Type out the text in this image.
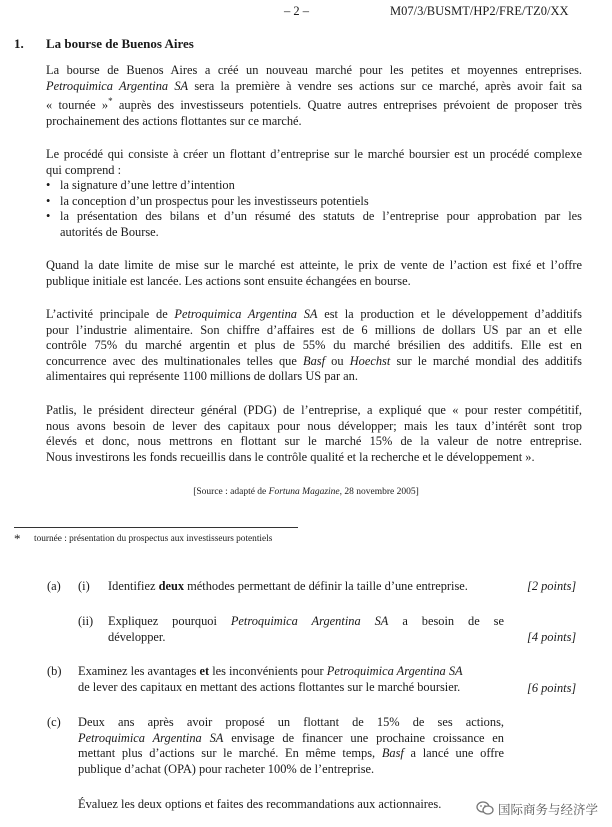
– 2 –	M07/3/BUSMT/HP2/FRE/TZ0/XX
1. La bourse de Buenos Aires
La bourse de Buenos Aires a créé un nouveau marché pour les petites et moyennes entreprises.
Petroquimica Argentina SA sera la première à vendre ses actions sur ce marché, après avoir fait sa
« tournée »* auprès des investisseurs potentiels. Quatre autres entreprises prévoient de proposer très
prochainement des actions flottantes sur ce marché.
Le procédé qui consiste à créer un flottant d’entreprise sur le marché boursier est un procédé complexe
qui comprend :
• la signature d’une lettre d’intention
• la conception d’un prospectus pour les investisseurs potentiels
• la présentation des bilans et d’un résumé des statuts de l’entreprise pour approbation par les
autorités de Bourse.
Quand la date limite de mise sur le marché est atteinte, le prix de vente de l’action est fixé et l’offre
publique initiale est lancée. Les actions sont ensuite échangées en bourse.
L’activité principale de Petroquimica Argentina SA est la production et le développement d’additifs
pour l’industrie alimentaire. Son chiffre d’affaires est de 6 millions de dollars US par an et elle
contrôle 75% du marché argentin et plus de 55% du marché brésilien des additifs. Elle est en
concurrence avec des multinationales telles que Basf ou Hoechst sur le marché mondial des additifs
alimentaires qui représente 1100 millions de dollars US par an.
Patlis, le président directeur général (PDG) de l’entreprise, a expliqué que « pour rester compétitif,
nous avons besoin de lever des capitaux pour nous développer; mais les taux d’intérêt sont trop
élevés et donc, nous mettrons en flottant sur le marché 15% de la valeur de notre entreprise.
Nous investirons les fonds recueillis dans le contrôle qualité et la recherche et le développement ».
[Source : adapté de Fortuna Magazine, 28 novembre 2005]
* tournée : présentation du prospectus aux investisseurs potentiels
(a) (i) Identifiez deux méthodes permettant de définir la taille d’une entreprise.	[2 points]
(ii) Expliquez pourquoi Petroquimica Argentina SA a besoin de se
développer.	[4 points]
(b) Examinez les avantages et les inconvénients pour Petroquimica Argentina SA
de lever des capitaux en mettant des actions flottantes sur le marché boursier.	[6 points]
(c) Deux ans après avoir proposé un flottant de 15% de ses actions,
Petroquimica Argentina SA envisage de financer une prochaine croissance en
mettant plus d’actions sur le marché. En même temps, Basf a lancé une offre
publique d’achat (OPA) pour racheter 100% de l’entreprise.
Évaluez les deux options et faites des recommandations aux actionnaires.	国际商务与经济学
